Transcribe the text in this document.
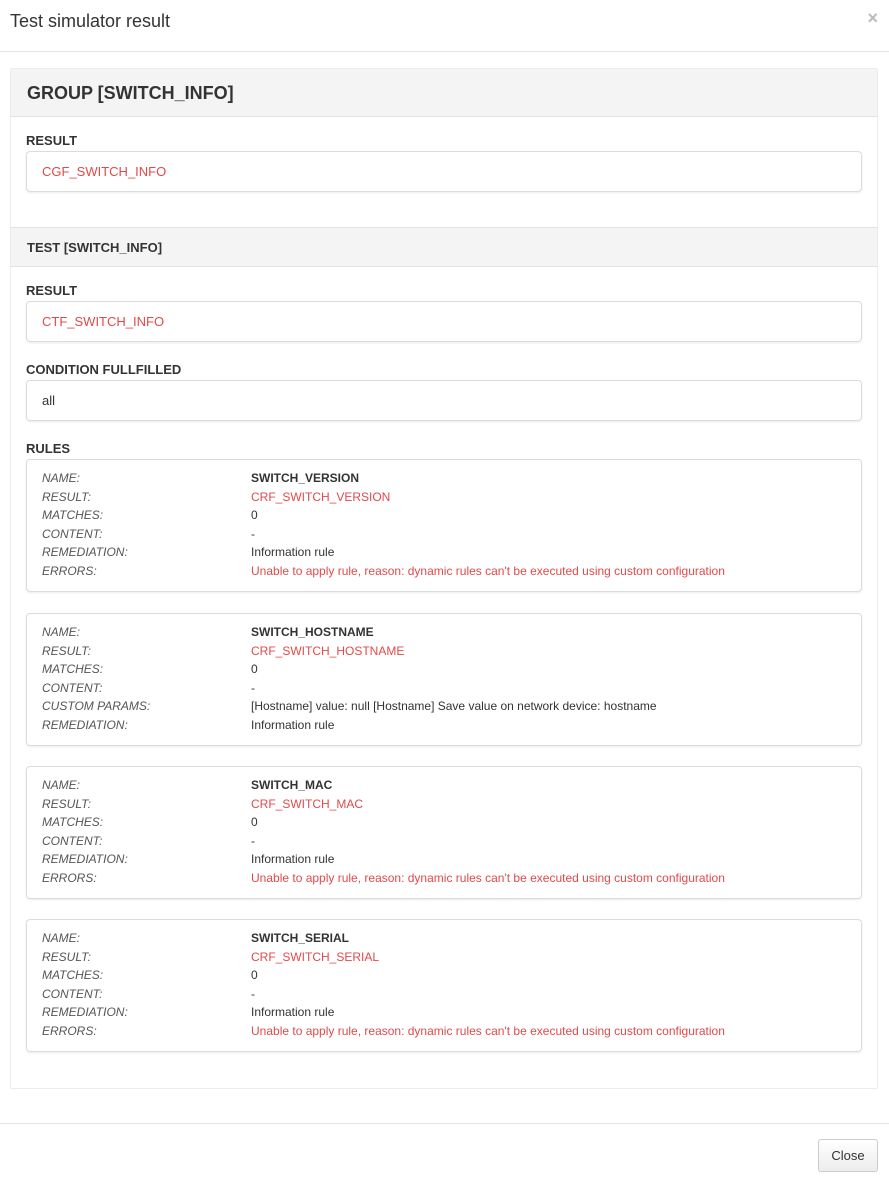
Test simulator result	×
GROUP [SWITCH_INFO]
RESULT
CGF_SWITCH_INFO
TEST [SWITCH_INFO]
RESULT
CTF_SWITCH_INFO
CONDITION FULLFILLED
all
RULES
NAME:	SWITCH_VERSION
RESULT:	CRF_SWITCH_VERSION
MATCHES:	0
CONTENT:	-
REMEDIATION:	Information rule
ERRORS:	Unable to apply rule, reason: dynamic rules can't be executed using custom configuration
NAME:	SWITCH_HOSTNAME
RESULT:	CRF_SWITCH_HOSTNAME
MATCHES:	0
CONTENT:	-
CUSTOM PARAMS:	[Hostname] value: null [Hostname] Save value on network device: hostname
REMEDIATION:	Information rule
NAME:	SWITCH_MAC
RESULT:	CRF_SWITCH_MAC
MATCHES:	0
CONTENT:	-
REMEDIATION:	Information rule
ERRORS:	Unable to apply rule, reason: dynamic rules can't be executed using custom configuration
NAME:	SWITCH_SERIAL
RESULT:	CRF_SWITCH_SERIAL
MATCHES:	0
CONTENT:	-
REMEDIATION:	Information rule
ERRORS:	Unable to apply rule, reason: dynamic rules can't be executed using custom configuration
Close
